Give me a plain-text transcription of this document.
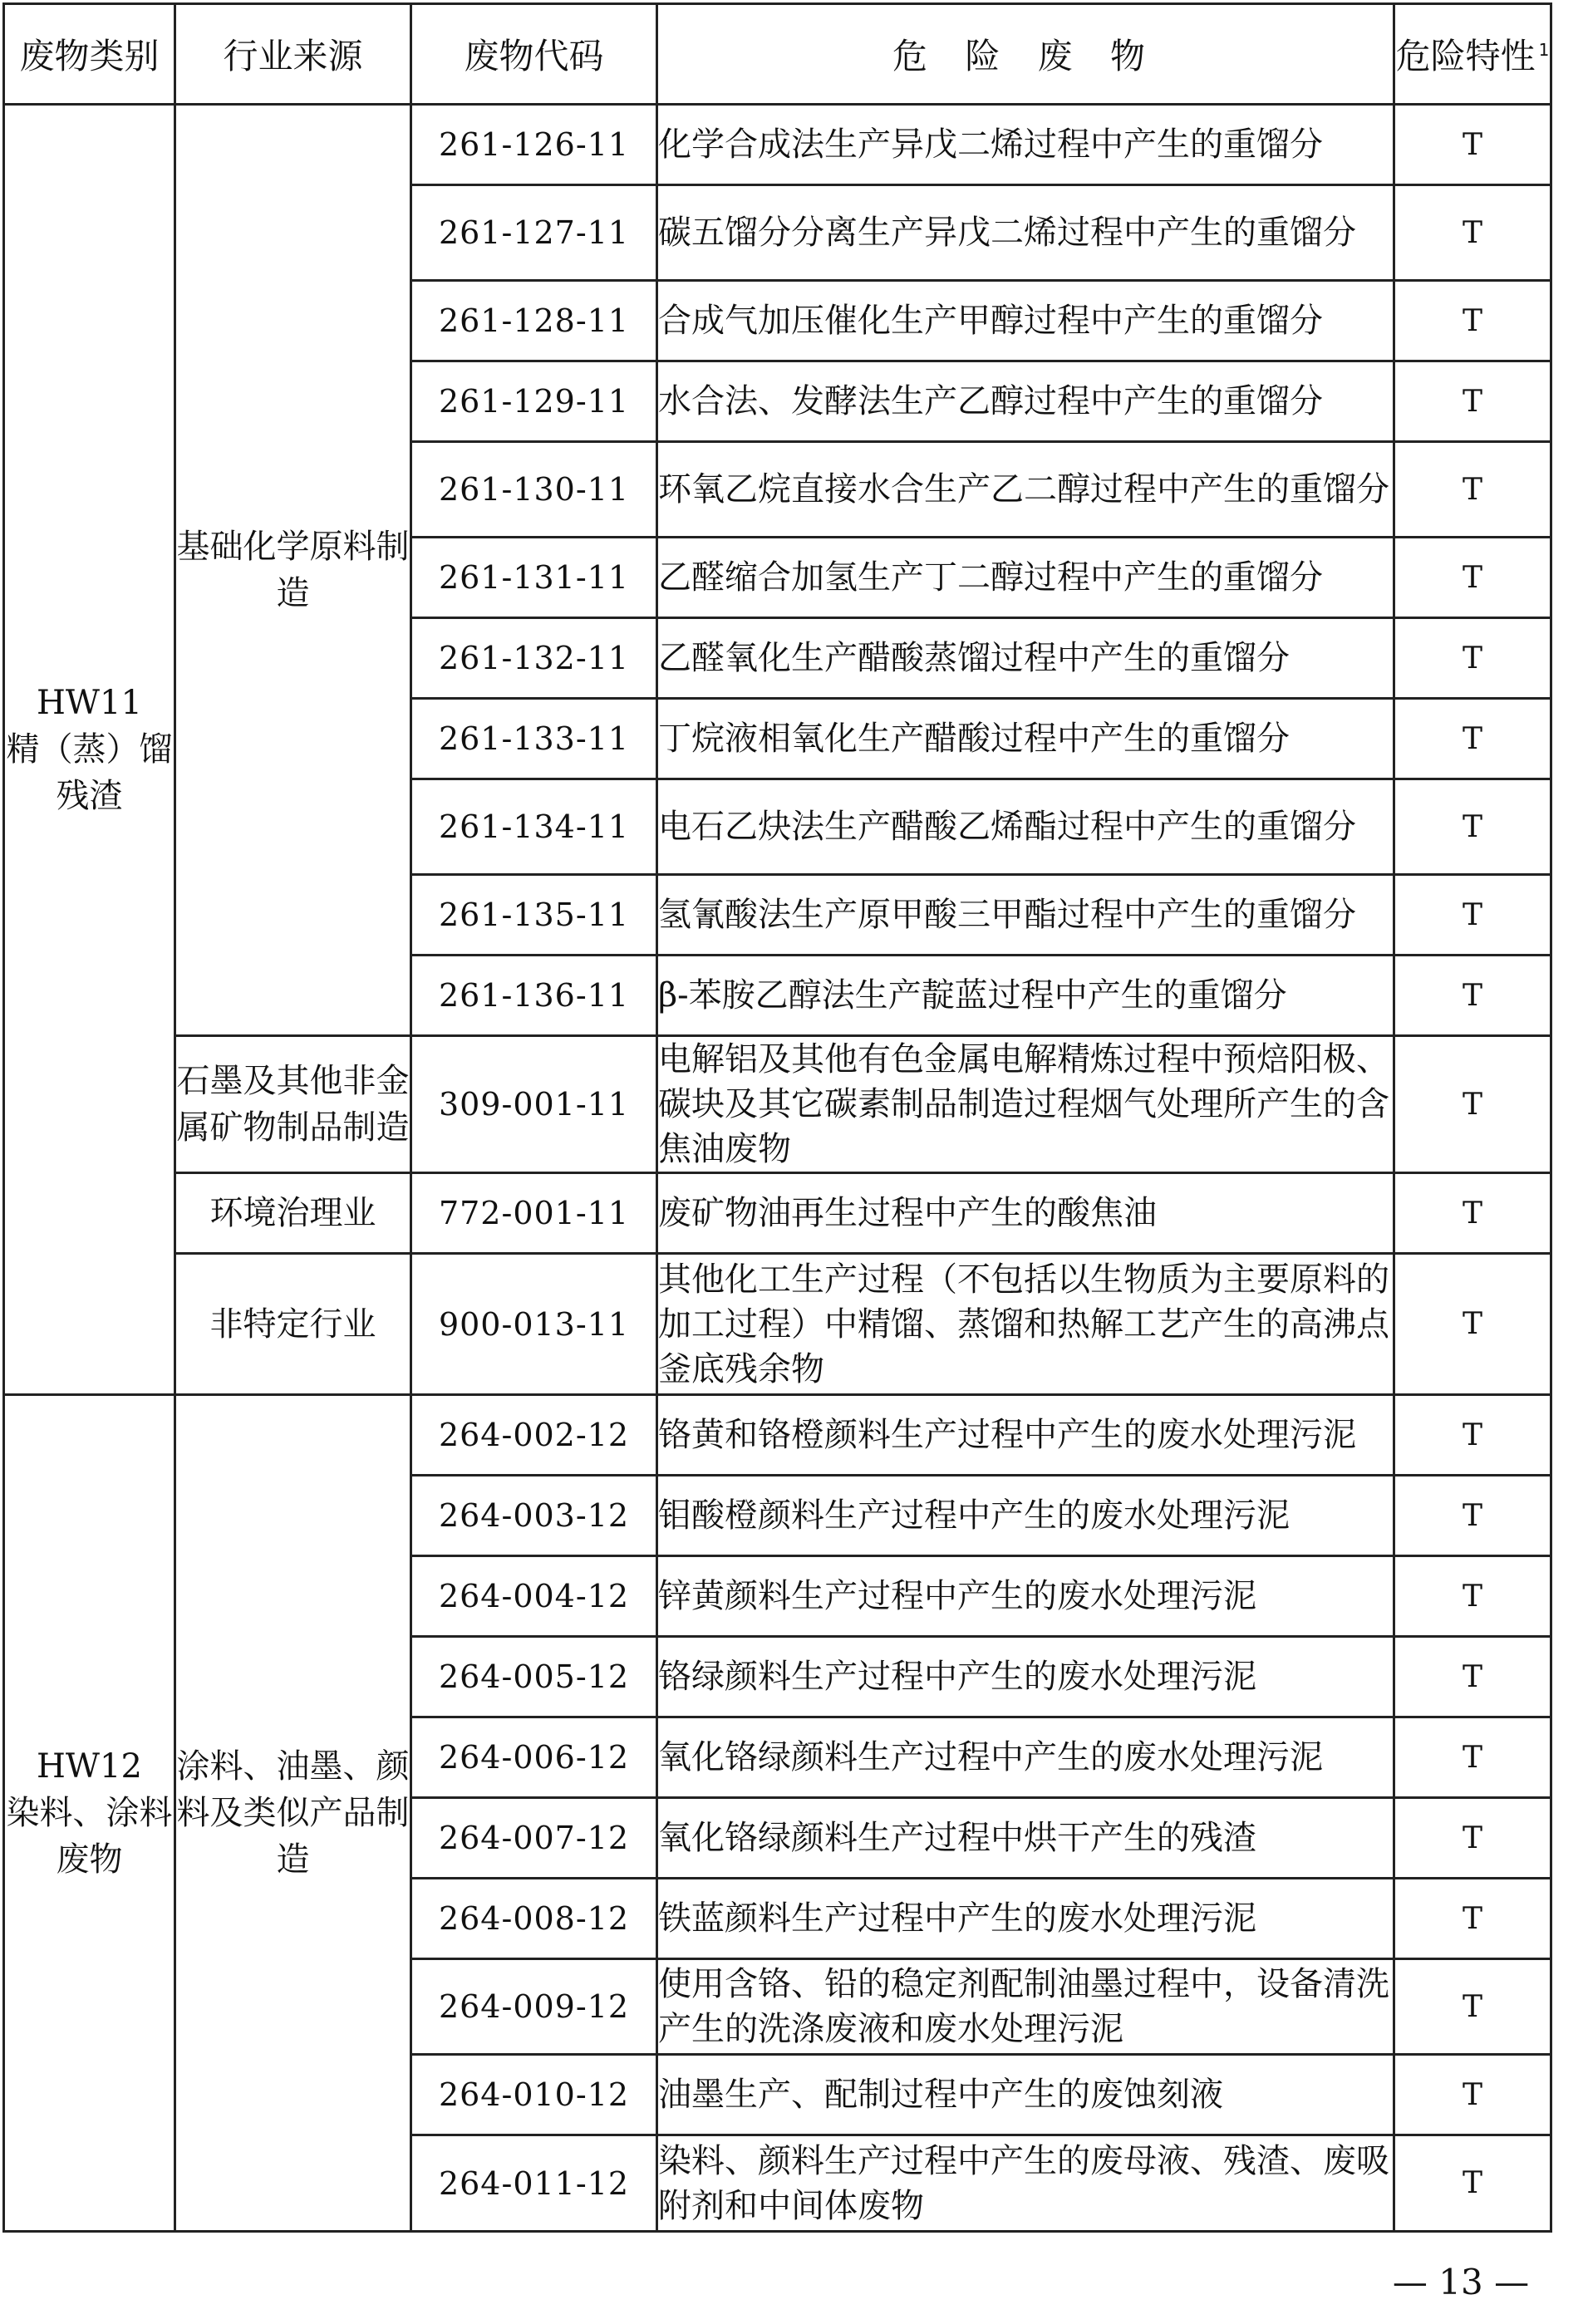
废物类别	行业来源	废物代码	危 险 废 物	危险特性 $^1$

HW11
精（蒸）馏残渣	基础化学原料制造	261-126-11	化学合成法生产异戊二烯过程中产生的重馏分	T
		261-127-11	碳五馏分分离生产异戊二烯过程中产生的重馏分	T
		261-128-11	合成气加压催化生产甲醇过程中产生的重馏分	T
		261-129-11	水合法、发酵法生产乙醇过程中产生的重馏分	T
		261-130-11	环氧乙烷直接水合生产乙二醇过程中产生的重馏分	T
		261-131-11	乙醛缩合加氢生产丁二醇过程中产生的重馏分	T
		261-132-11	乙醛氧化生产醋酸蒸馏过程中产生的重馏分	T
		261-133-11	丁烷液相氧化生产醋酸过程中产生的重馏分	T
		261-134-11	电石乙炔法生产醋酸乙烯酯过程中产生的重馏分	T
		261-135-11	氢氰酸法生产原甲酸三甲酯过程中产生的重馏分	T
		261-136-11	β-苯胺乙醇法生产靛蓝过程中产生的重馏分	T
	石墨及其他非金属矿物制品制造	309-001-11	电解铝及其他有色金属电解精炼过程中预焙阳极、碳块及其它碳素制品制造过程烟气处理所产生的含焦油废物	T
	环境治理业	772-001-11	废矿物油再生过程中产生的酸焦油	T
	非特定行业	900-013-11	其他化工生产过程（不包括以生物质为主要原料的加工过程）中精馏、蒸馏和热解工艺产生的高沸点釜底残余物	T

HW12
染料、涂料废物	涂料、油墨、颜料及类似产品制造	264-002-12	铬黄和铬橙颜料生产过程中产生的废水处理污泥	T
		264-003-12	钼酸橙颜料生产过程中产生的废水处理污泥	T
		264-004-12	锌黄颜料生产过程中产生的废水处理污泥	T
		264-005-12	铬绿颜料生产过程中产生的废水处理污泥	T
		264-006-12	氧化铬绿颜料生产过程中产生的废水处理污泥	T
		264-007-12	氧化铬绿颜料生产过程中烘干产生的残渣	T
		264-008-12	铁蓝颜料生产过程中产生的废水处理污泥	T
		264-009-12	使用含铬、铅的稳定剂配制油墨过程中，设备清洗产生的洗涤废液和废水处理污泥	T
		264-010-12	油墨生产、配制过程中产生的废蚀刻液	T
		264-011-12	染料、颜料生产过程中产生的废母液、残渣、废吸附剂和中间体废物	T
— 13 —
